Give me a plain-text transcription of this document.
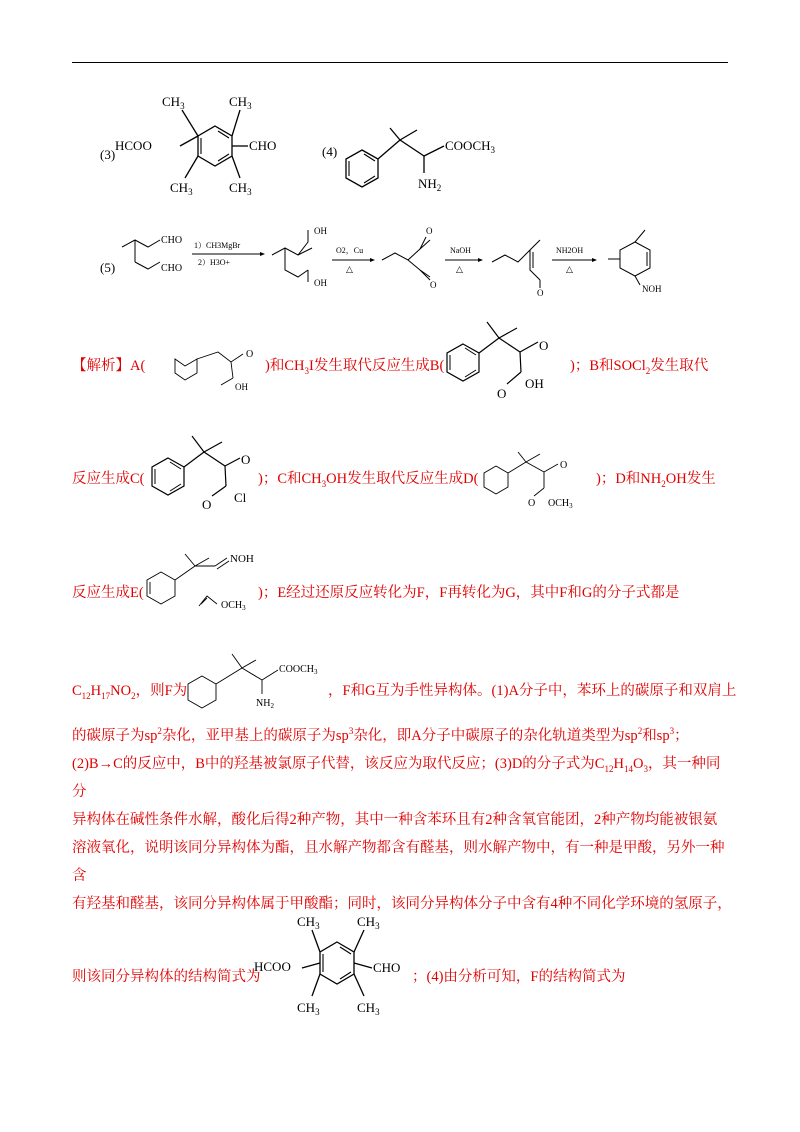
(3)
HCOO	CHO
$CH_3$	$CH_3$
$CH_3$	$CH_3$
(4)	$COOCH_3$
$NH_2$
(5)
CHO
CHO
1）CH3MgBr
2）H3O+
OH
OH
O2，Cu
△
O
O
NaOH
△
O
NH2OH
△
NOH
【解析】A(
O
OH
)和$CH_3I$发生取代反应生成B(
O
O
OH
)；B和SOCl$_2$发生取代
反应生成C(
O
O Cl
)；C和$CH_3OH$发生取代反应生成D(
O
O $OCH_3$
)；D和$NH_2OH$发生
反应生成E(
NOH
$OCH_3$
)；E经过还原反应转化为F，F再转化为G，其中F和G的分子式都是
$C_{12}H_{17}NO_2$，则F为
$COOCH_3$
$NH_2$
，F和G互为手性异构体。(1)A分子中，苯环上的碳原子和双肩上
的碳原子为$sp^2$杂化，亚甲基上的碳原子为$sp^3$杂化，即A分子中碳原子的杂化轨道类型为$sp^2$和$sp^3$；
(2)B→C的反应中，B中的羟基被氯原子代替，该反应为取代反应；(3)D的分子式为$C_{12}H_{14}O_3$，其一种同分
异构体在碱性条件水解，酸化后得2种产物，其中一种含苯环且有2种含氧官能团，2种产物均能被银氨
溶液氧化，说明该同分异构体为酯，且水解产物都含有醛基，则水解产物中，有一种是甲酸，另外一种含
有羟基和醛基，该同分异构体属于甲酸酯；同时，该同分异构体分子中含有4种不同化学环境的氢原子，
则该同分异构体的结构简式为
HCOO	CHO
$CH_3$	$CH_3$
$CH_3$	$CH_3$
；(4)由分析可知，F的结构简式为
